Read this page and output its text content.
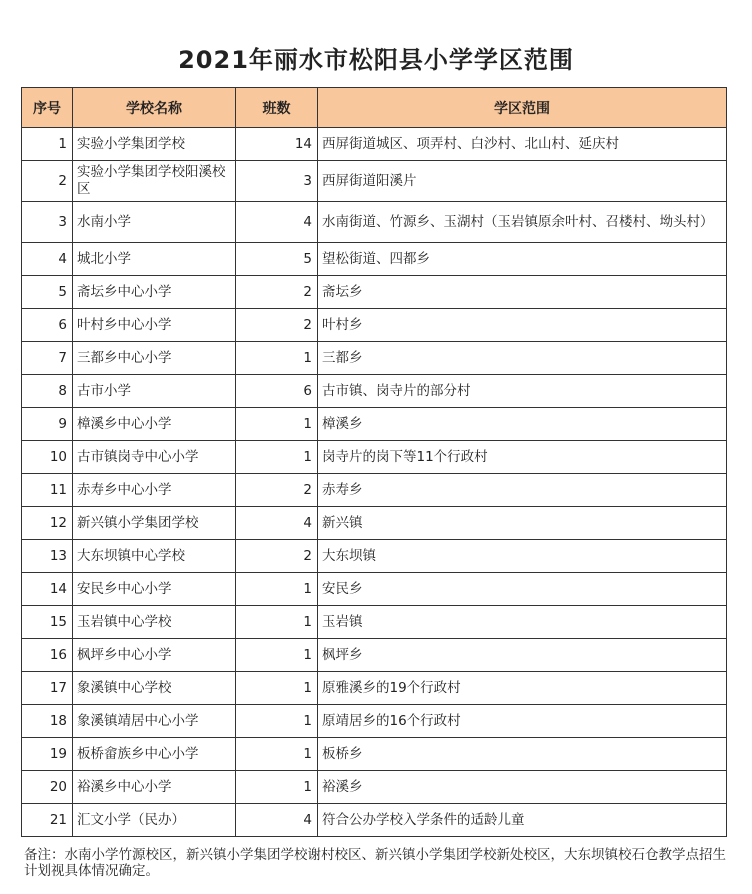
2021年丽水市松阳县小学学区范围
序号	学校名称	班数	学区范围
1	实验小学集团学校	14	西屏街道城区、项弄村、白沙村、北山村、延庆村
2	实验小学集团学校阳溪校区	3	西屏街道阳溪片
3	水南小学	4	水南街道、竹源乡、玉湖村（玉岩镇原余叶村、召楼村、坳头村）
4	城北小学	5	望松街道、四都乡
5	斋坛乡中心小学	2	斋坛乡
6	叶村乡中心小学	2	叶村乡
7	三都乡中心小学	1	三都乡
8	古市小学	6	古市镇、岗寺片的部分村
9	樟溪乡中心小学	1	樟溪乡
10	古市镇岗寺中心小学	1	岗寺片的岗下等11个行政村
11	赤寿乡中心小学	2	赤寿乡
12	新兴镇小学集团学校	4	新兴镇
13	大东坝镇中心学校	2	大东坝镇
14	安民乡中心小学	1	安民乡
15	玉岩镇中心学校	1	玉岩镇
16	枫坪乡中心小学	1	枫坪乡
17	象溪镇中心学校	1	原雅溪乡的19个行政村
18	象溪镇靖居中心小学	1	原靖居乡的16个行政村
19	板桥畲族乡中心小学	1	板桥乡
20	裕溪乡中心小学	1	裕溪乡
21	汇文小学（民办）	4	符合公办学校入学条件的适龄儿童
备注：水南小学竹源校区，新兴镇小学集团学校谢村校区、新兴镇小学集团学校新处校区，大东坝镇校石仓教学点招生计划视具体情况确定。
